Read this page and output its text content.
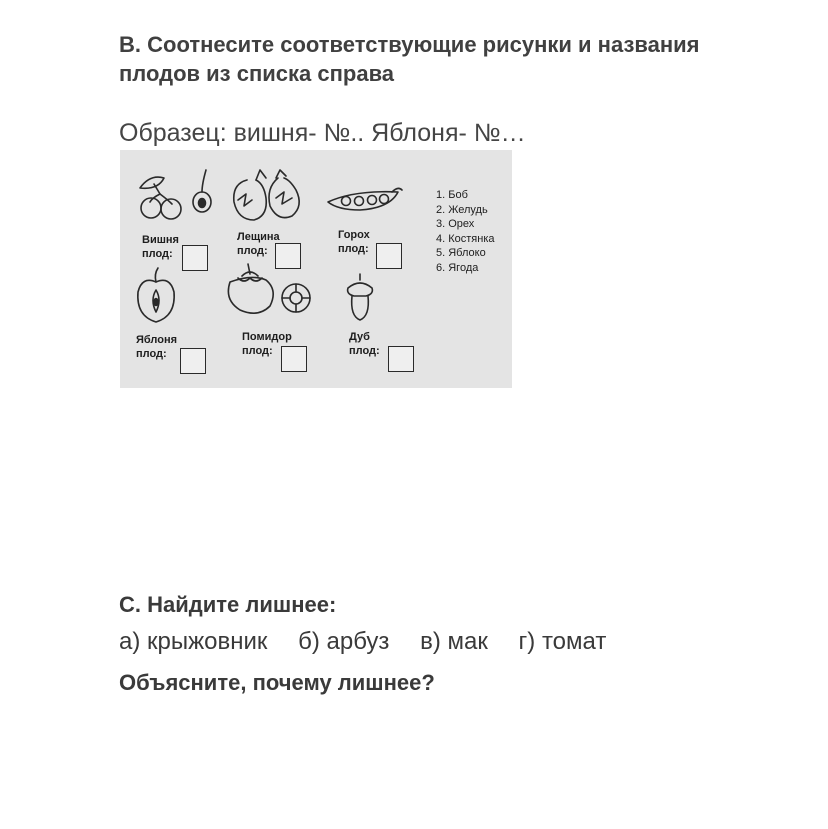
В. Соотнесите соответствующие рисунки и названия плодов из списка справа
Образец: вишня- №.. Яблоня- №…
Вишня
плод:
Лещина
плод:
Горох
плод:
Яблоня
плод:
Помидор
плод:
Дуб
плод:
1. Боб
2. Желудь
3. Орех
4. Костянка
5. Яблоко
6. Ягода
С. Найдите лишнее:
а) крыжовник б) арбуз в) мак г) томат
Объясните, почему лишнее?
